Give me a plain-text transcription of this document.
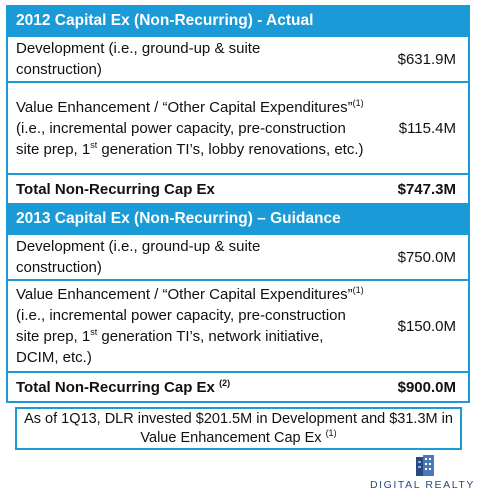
2012 Capital Ex (Non-Recurring) - Actual
Development (i.e., ground-up & suite construction)
$631.9M
Value Enhancement / “Other Capital Expenditures”$^{(1)}$ (i.e., incremental power capacity, pre-construction site prep, 1st generation TI’s, lobby renovations, etc.)
$115.4M
Total Non-Recurring Cap Ex	$747.3M
2013 Capital Ex (Non-Recurring) – Guidance
Development (i.e., ground-up & suite construction)
$750.0M
Value Enhancement / “Other Capital Expenditures”$^{(1)}$ (i.e., incremental power capacity, pre-construction site prep, 1st generation TI’s, network initiative, DCIM, etc.)
$150.0M
Total Non-Recurring Cap Ex $^{(2)}$	$900.0M
As of 1Q13, DLR invested $201.5M in Development and $31.3M in Value Enhancement Cap Ex $^{(1)}$
DIGITAL REALTY
